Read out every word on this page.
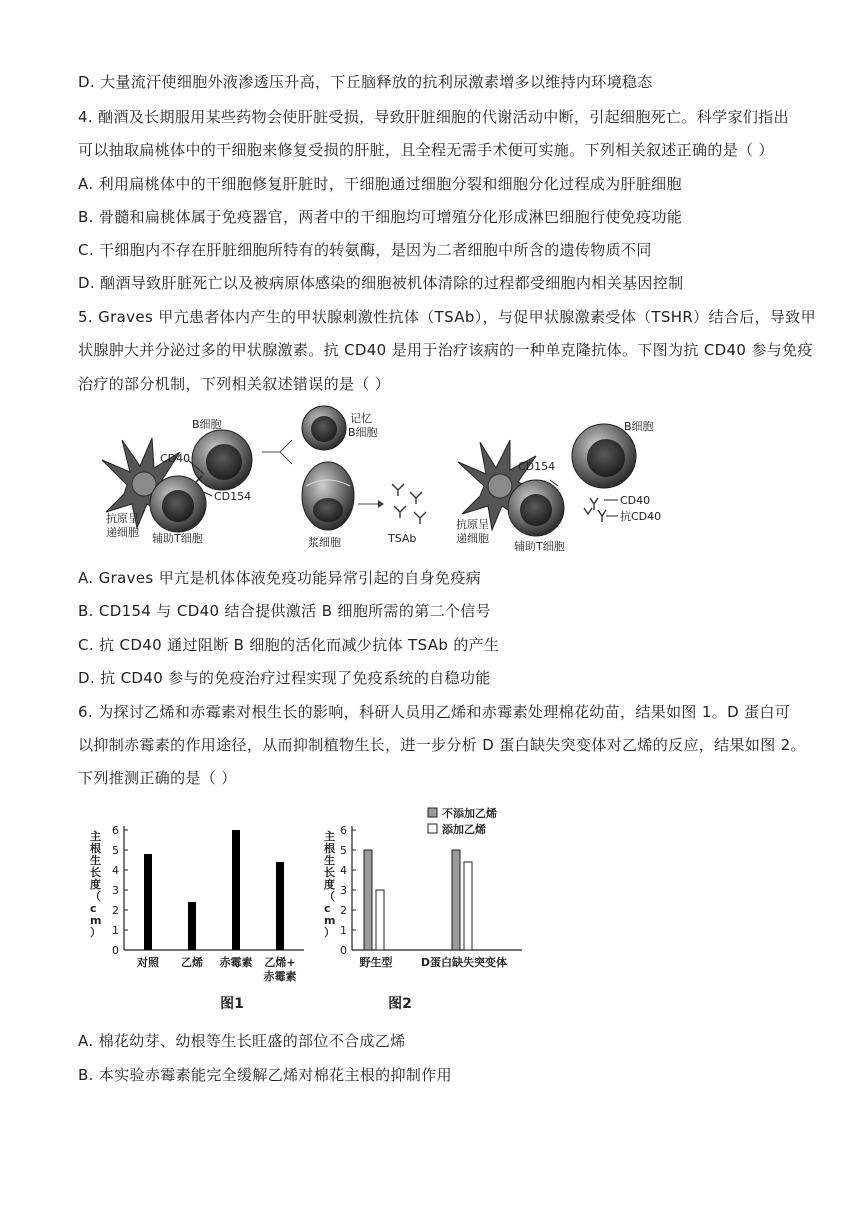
D. 大量流汗使细胞外液渗透压升高，下丘脑释放的抗利尿激素增多以维持内环境稳态
4. 酗酒及长期服用某些药物会使肝脏受损，导致肝脏细胞的代谢活动中断，引起细胞死亡。科学家们指出
可以抽取扁桃体中的干细胞来修复受损的肝脏，且全程无需手术便可实施。下列相关叙述正确的是（ ）
A. 利用扁桃体中的干细胞修复肝脏时，干细胞通过细胞分裂和细胞分化过程成为肝脏细胞
B. 骨髓和扁桃体属于免疫器官，两者中的干细胞均可增殖分化形成淋巴细胞行使免疫功能
C. 干细胞内不存在肝脏细胞所特有的转氨酶，是因为二者细胞中所含的遗传物质不同
D. 酗酒导致肝脏死亡以及被病原体感染的细胞被机体清除的过程都受细胞内相关基因控制
5. Graves 甲亢患者体内产生的甲状腺刺激性抗体（TSAb），与促甲状腺激素受体（TSHR）结合后，导致甲
状腺肿大并分泌过多的甲状腺激素。抗 CD40 是用于治疗该病的一种单克隆抗体。下图为抗 CD40 参与免疫
治疗的部分机制，下列相关叙述错误的是（ ）
B细胞
CD40
CD154
抗原呈
递细胞 辅助T细胞
记忆
B细胞
浆细胞	TSAb
B细胞
CD154
CD40
抗CD40
抗原呈
递细胞
辅助T细胞
A. Graves 甲亢是机体体液免疫功能异常引起的自身免疫病
B. CD154 与 CD40 结合提供激活 B 细胞所需的第二个信号
C. 抗 CD40 通过阻断 B 细胞的活化而减少抗体 TSAb 的产生
D. 抗 CD40 参与的免疫治疗过程实现了免疫系统的自稳功能
6. 为探讨乙烯和赤霉素对根生长的影响，科研人员用乙烯和赤霉素处理棉花幼苗，结果如图 1。D 蛋白可
以抑制赤霉素的作用途径，从而抑制植物生长，进一步分析 D 蛋白缺失突变体对乙烯的反应，结果如图 2。
下列推测正确的是（ ）
0
1
2
3
4
5
6
主根生长度（ c m ）
对照 乙烯 赤霉素 乙烯+
赤霉素
图1
0
1
2
3
4
5
6
主根生长度（ c m ）
不添加乙烯
添加乙烯
野生型	D蛋白缺失突变体
图2
A. 棉花幼芽、幼根等生长旺盛的部位不合成乙烯
B. 本实验赤霉素能完全缓解乙烯对棉花主根的抑制作用
